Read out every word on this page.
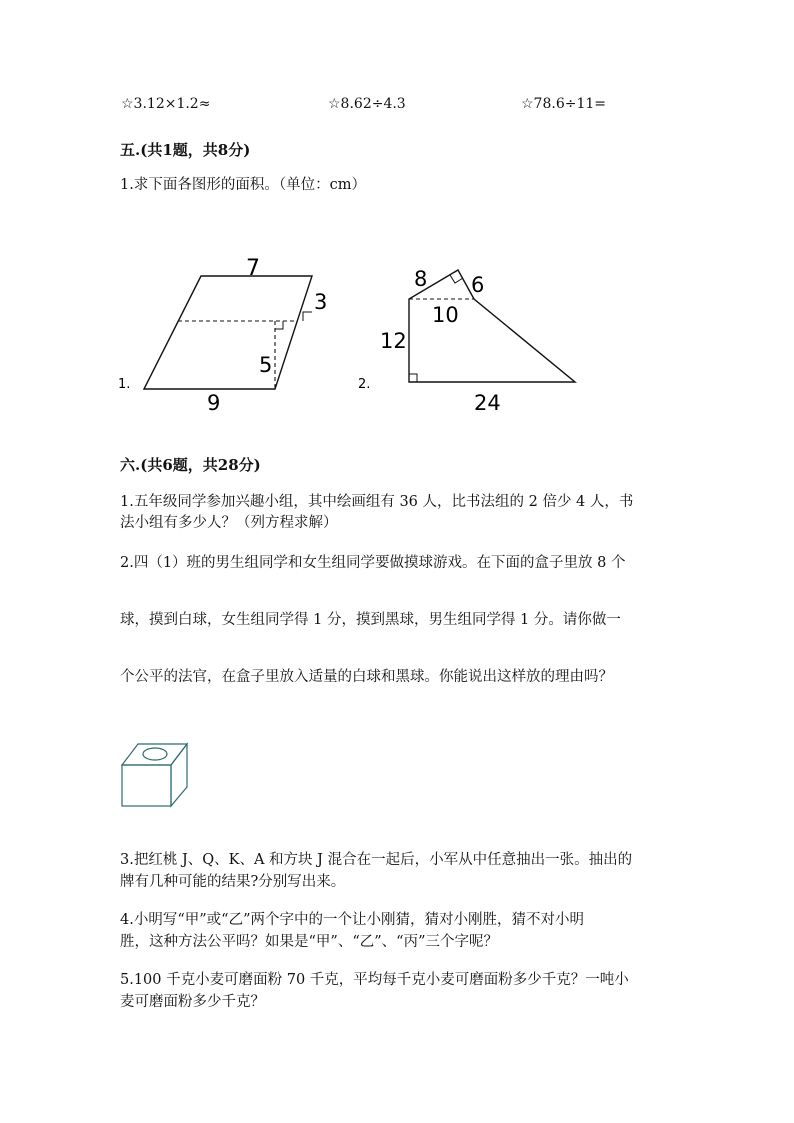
☆3.12×1.2≈	☆8.62÷4.3	☆78.6÷11=
五.(共1题，共8分)
1.求下面各图形的面积。（单位：cm）
1.
7
3
5
9
2.
8 6
10
12
24
六.(共6题，共28分)
1.五年级同学参加兴趣小组，其中绘画组有 36 人，比书法组的 2 倍少 4 人，书
法小组有多少人？（列方程求解）
2.四（1）班的男生组同学和女生组同学要做摸球游戏。在下面的盒子里放 8 个
球，摸到白球，女生组同学得 1 分，摸到黑球，男生组同学得 1 分。请你做一
个公平的法官，在盒子里放入适量的白球和黑球。你能说出这样放的理由吗？
3.把红桃 J、Q、K、A 和方块 J 混合在一起后，小军从中任意抽出一张。抽出的
牌有几种可能的结果?分别写出来。
4.小明写“甲”或“乙”两个字中的一个让小刚猜，猜对小刚胜，猜不对小明
胜，这种方法公平吗？如果是“甲”、“乙”、“丙”三个字呢？
5.100 千克小麦可磨面粉 70 千克，平均每千克小麦可磨面粉多少千克？一吨小
麦可磨面粉多少千克？
